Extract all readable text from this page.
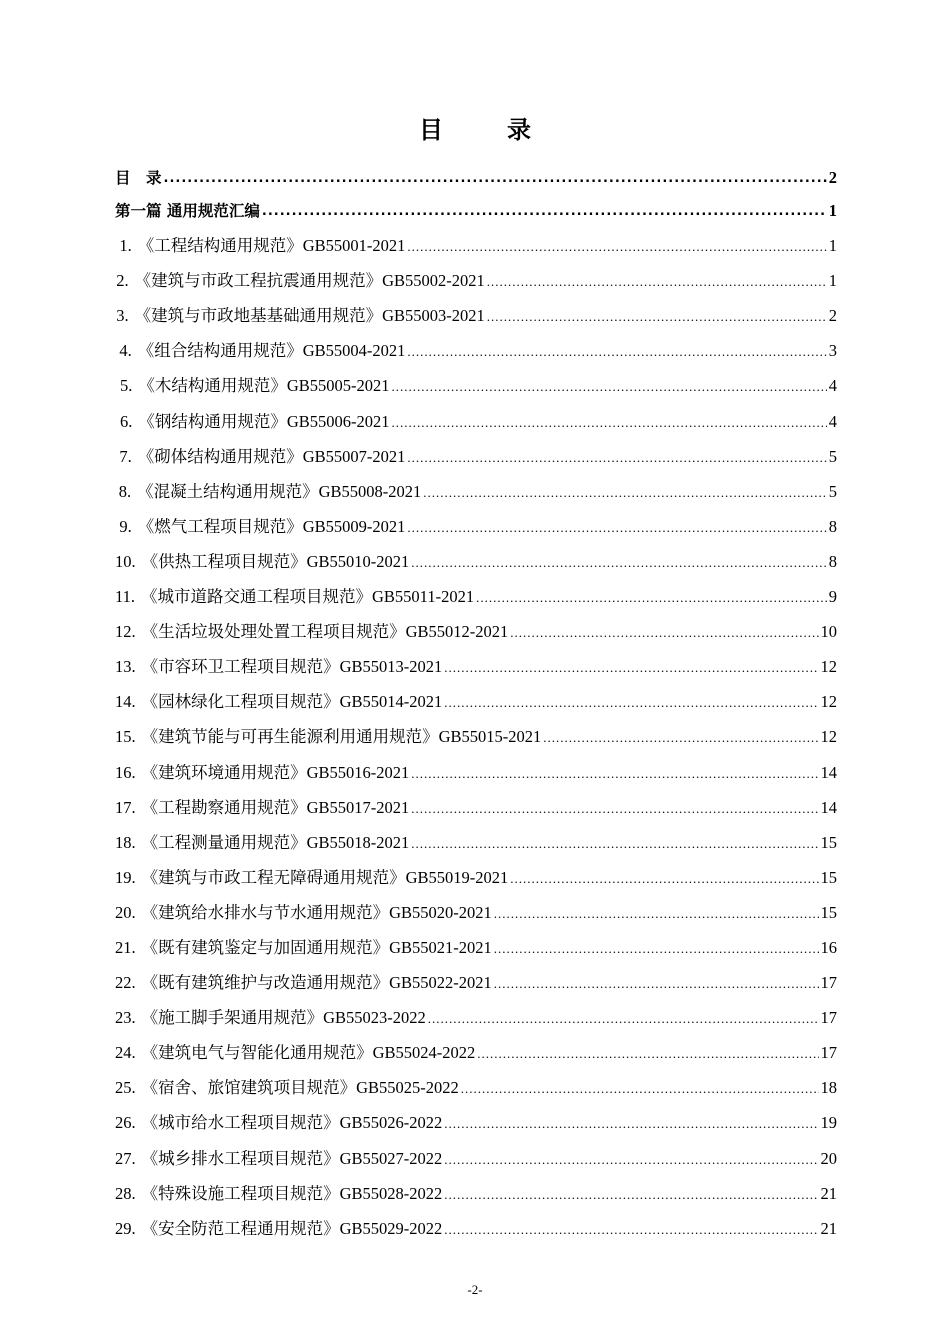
目　录
目　录 .....	2
第一篇 通用规范汇编 .....	1
1. 《工程结构通用规范》GB55001-2021 .....	1
2. 《建筑与市政工程抗震通用规范》GB55002-2021 .....	1
3. 《建筑与市政地基基础通用规范》GB55003-2021 .....	2
4. 《组合结构通用规范》GB55004-2021 .....	3
5. 《木结构通用规范》GB55005-2021 .....	4
6. 《钢结构通用规范》GB55006-2021 .....	4
7. 《砌体结构通用规范》GB55007-2021 .....	5
8. 《混凝土结构通用规范》GB55008-2021 .....	5
9. 《燃气工程项目规范》GB55009-2021 .....	8
10. 《供热工程项目规范》GB55010-2021 .....	8
11. 《城市道路交通工程项目规范》GB55011-2021 .....	9
12. 《生活垃圾处理处置工程项目规范》GB55012-2021 .....	10
13. 《市容环卫工程项目规范》GB55013-2021 .....	12
14. 《园林绿化工程项目规范》GB55014-2021 .....	12
15. 《建筑节能与可再生能源利用通用规范》GB55015-2021 .....	12
16. 《建筑环境通用规范》GB55016-2021 .....	14
17. 《工程勘察通用规范》GB55017-2021 .....	14
18. 《工程测量通用规范》GB55018-2021 .....	15
19. 《建筑与市政工程无障碍通用规范》GB55019-2021 .....	15
20. 《建筑给水排水与节水通用规范》GB55020-2021 .....	15
21. 《既有建筑鉴定与加固通用规范》GB55021-2021 .....	16
22. 《既有建筑维护与改造通用规范》GB55022-2021 .....	17
23. 《施工脚手架通用规范》GB55023-2022 .....	17
24. 《建筑电气与智能化通用规范》GB55024-2022 .....	17
25. 《宿舍、旅馆建筑项目规范》GB55025-2022 .....	18
26. 《城市给水工程项目规范》GB55026-2022 .....	19
27. 《城乡排水工程项目规范》GB55027-2022 .....	20
28. 《特殊设施工程项目规范》GB55028-2022 .....	21
29. 《安全防范工程通用规范》GB55029-2022 .....	21
-2-
